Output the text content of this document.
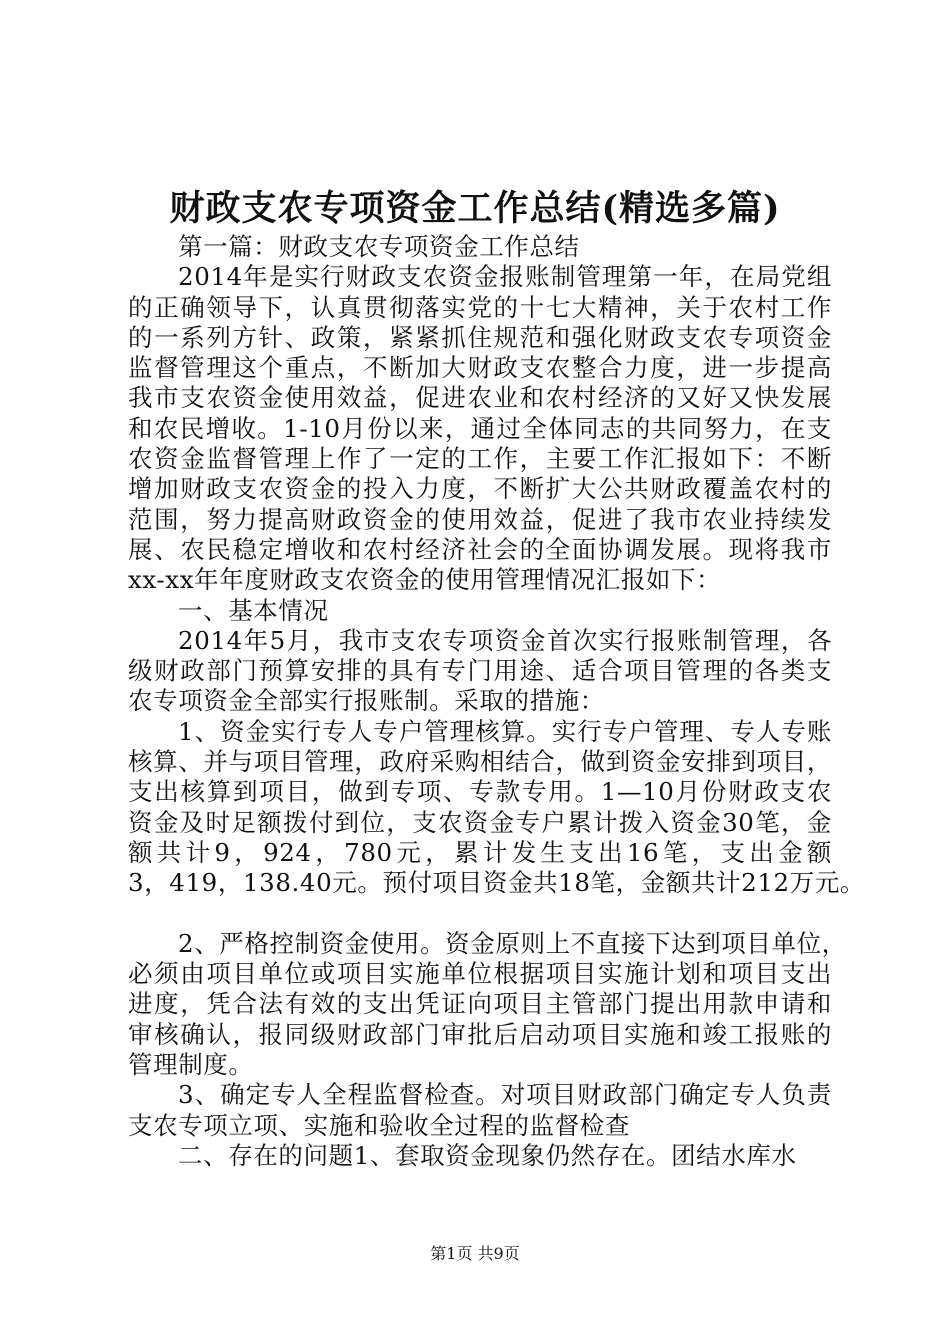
财政支农专项资金工作总结(精选多篇)
第一篇：财政支农专项资金工作总结
2014年是实行财政支农资金报账制管理第一年，在局党组
的正确领导下，认真贯彻落实党的十七大精神，关于农村工作
的一系列方针、政策，紧紧抓住规范和强化财政支农专项资金
监督管理这个重点，不断加大财政支农整合力度，进一步提高
我市支农资金使用效益，促进农业和农村经济的又好又快发展
和农民增收。1-10月份以来，通过全体同志的共同努力，在支
农资金监督管理上作了一定的工作，主要工作汇报如下：不断
增加财政支农资金的投入力度，不断扩大公共财政覆盖农村的
范围，努力提高财政资金的使用效益，促进了我市农业持续发
展、农民稳定增收和农村经济社会的全面协调发展。现将我市
xx-xx年年度财政支农资金的使用管理情况汇报如下：
一、基本情况
2014年5月，我市支农专项资金首次实行报账制管理，各
级财政部门预算安排的具有专门用途、适合项目管理的各类支
农专项资金全部实行报账制。采取的措施：
1、资金实行专人专户管理核算。实行专户管理、专人专账
核算、并与项目管理，政府采购相结合，做到资金安排到项目，
支出核算到项目，做到专项、专款专用。1—10月份财政支农
资金及时足额拨付到位，支农资金专户累计拨入资金30笔，金
额共计9，924，780元，累计发生支出16笔，支出金额
3，419，138.40元。预付项目资金共18笔，金额共计212万元。
2、严格控制资金使用。资金原则上不直接下达到项目单位，
必须由项目单位或项目实施单位根据项目实施计划和项目支出
进度，凭合法有效的支出凭证向项目主管部门提出用款申请和
审核确认，报同级财政部门审批后启动项目实施和竣工报账的
管理制度。
3、确定专人全程监督检查。对项目财政部门确定专人负责
支农专项立项、实施和验收全过程的监督检查
二、存在的问题1、套取资金现象仍然存在。团结水库水
第1页 共9页
